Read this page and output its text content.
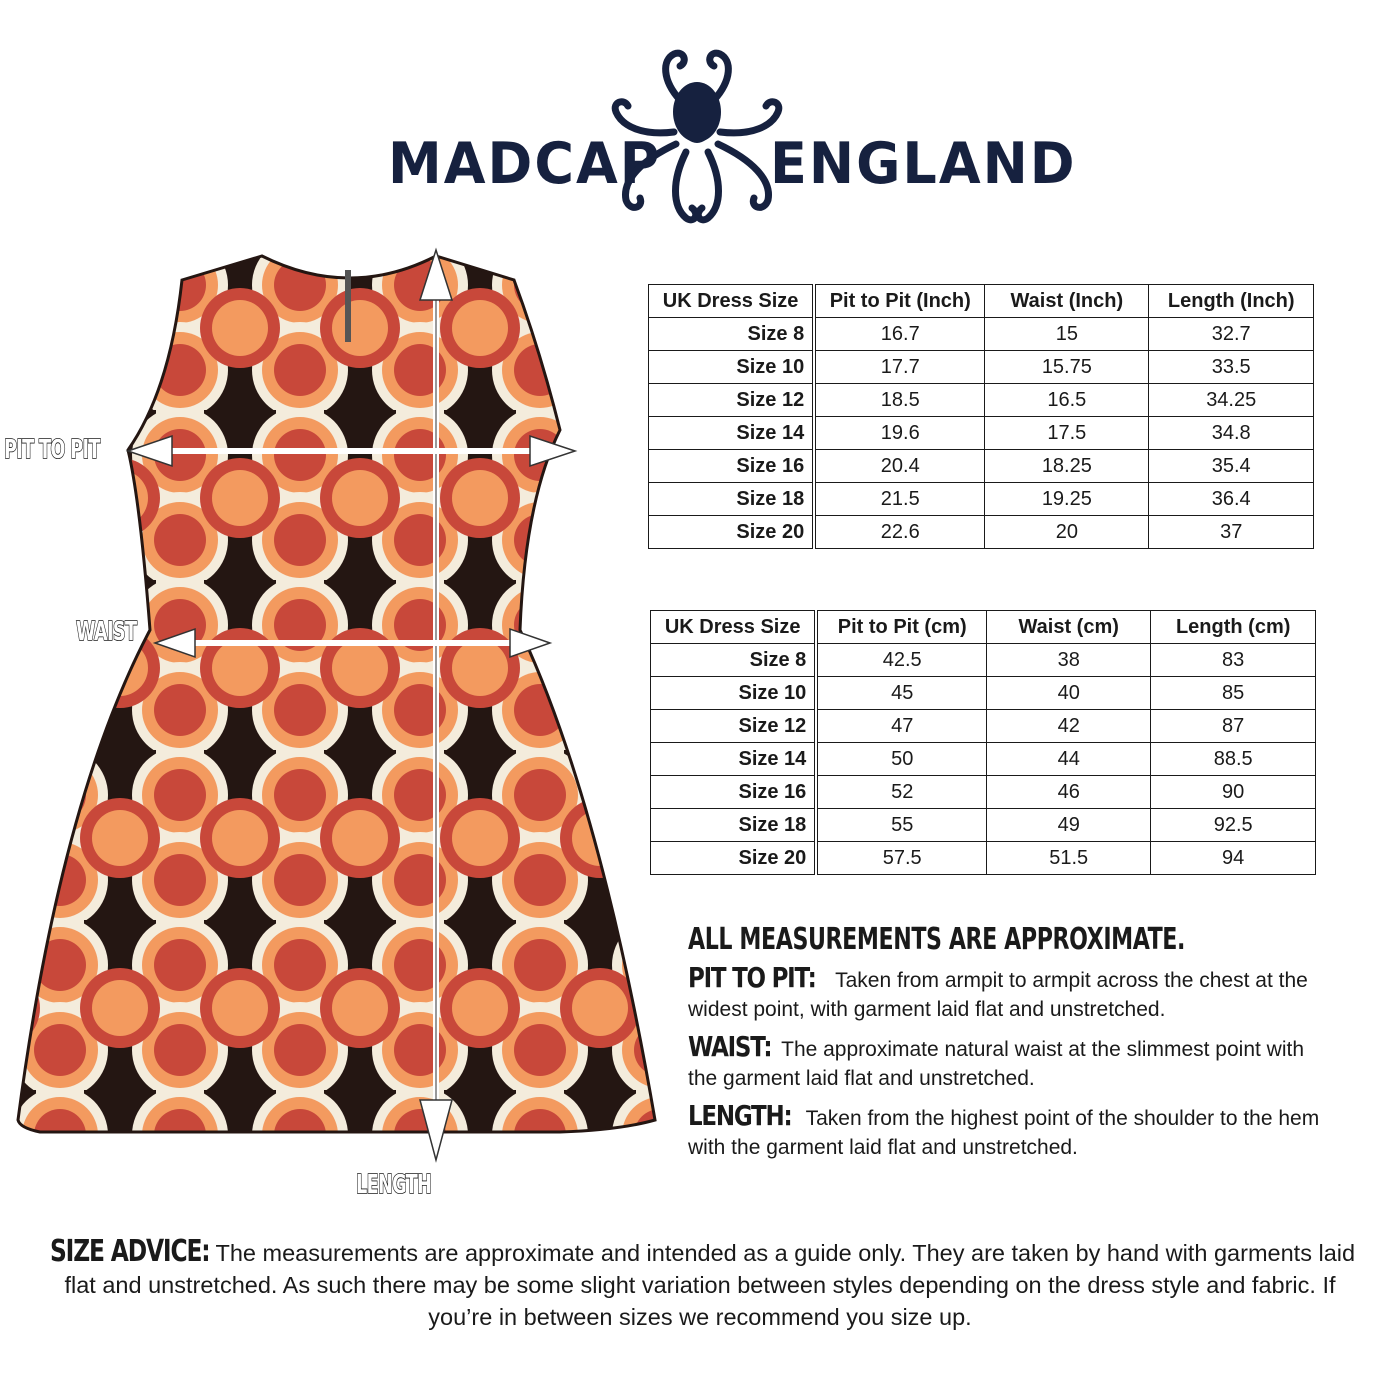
MADCAP ENGLAND
PIT TO PIT
WAIST
LENGTH
UK Dress Size	Pit to Pit (Inch)	Waist (Inch)	Length (Inch)
Size 8	16.7	15	32.7
Size 10	17.7	15.75	33.5
Size 12	18.5	16.5	34.25
Size 14	19.6	17.5	34.8
Size 16	20.4	18.25	35.4
Size 18	21.5	19.25	36.4
Size 20	22.6	20	37
UK Dress Size	Pit to Pit (cm)	Waist (cm)	Length (cm)
Size 8	42.5	38	83
Size 10	45	40	85
Size 12	47	42	87
Size 14	50	44	88.5
Size 16	52	46	90
Size 18	55	49	92.5
Size 20	57.5	51.5	94
ALL MEASUREMENTS ARE APPROXIMATE.
PIT TO PIT: Taken from armpit to armpit across the chest at the widest point, with garment laid flat and unstretched.
WAIST: The approximate natural waist at the slimmest point with the garment laid flat and unstretched.
LENGTH: Taken from the highest point of the shoulder to the hem with the garment laid flat and unstretched.
SIZE ADVICE: The measurements are approximate and intended as a guide only. They are taken by hand with garments laid flat and unstretched. As such there may be some slight variation between styles depending on the dress style and fabric. If you’re in between sizes we recommend you size up.
